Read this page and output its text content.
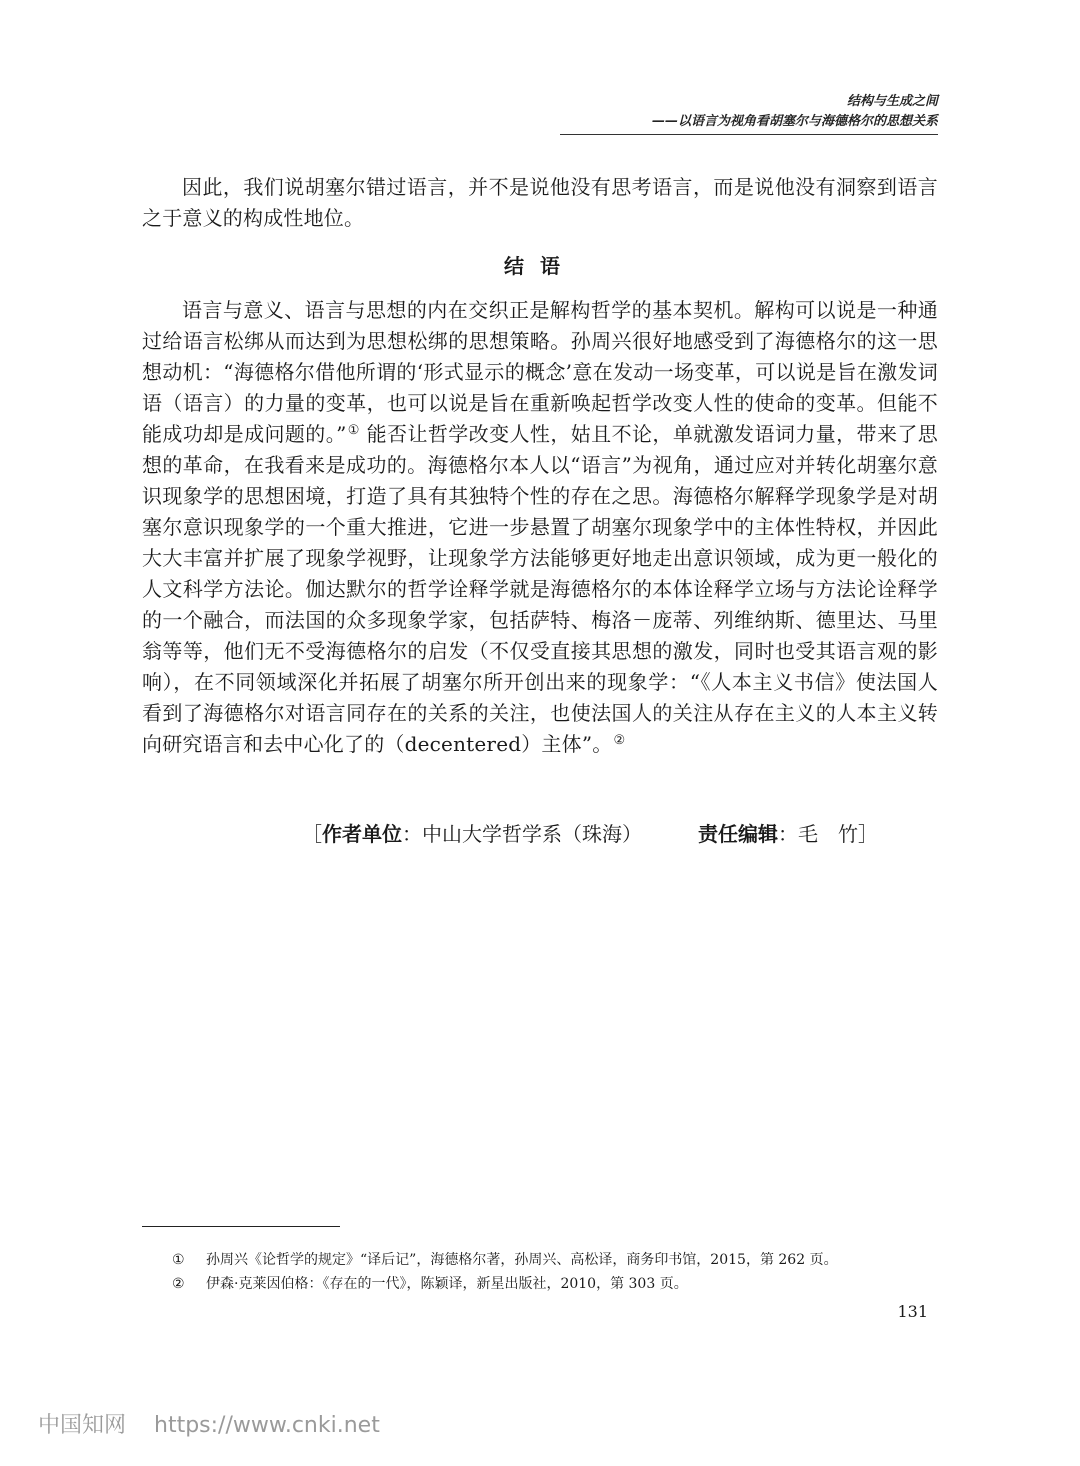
结构与生成之间
——以语言为视角看胡塞尔与海德格尔的思想关系

因此，我们说胡塞尔错过语言，并不是说他没有思考语言，而是说他没有洞察到语言之于意义的构成性地位。

结语

语言与意义、语言与思想的内在交织正是解构哲学的基本契机。解构可以说是一种通过给语言松绑从而达到为思想松绑的思想策略。孙周兴很好地感受到了海德格尔的这一思想动机：“海德格尔借他所谓的‘形式显示的概念’意在发动一场变革，可以说是旨在激发词语（语言）的力量的变革，也可以说是旨在重新唤起哲学改变人性的使命的变革。但能不能成功却是成问题的。”① 能否让哲学改变人性，姑且不论，单就激发语词力量，带来了思想的革命，在我看来是成功的。海德格尔本人以“语言”为视角，通过应对并转化胡塞尔意识现象学的思想困境，打造了具有其独特个性的存在之思。海德格尔解释学现象学是对胡塞尔意识现象学的一个重大推进，它进一步悬置了胡塞尔现象学中的主体性特权，并因此大大丰富并扩展了现象学视野，让现象学方法能够更好地走出意识领域，成为更一般化的人文科学方法论。伽达默尔的哲学诠释学就是海德格尔的本体诠释学立场与方法论诠释学的一个融合，而法国的众多现象学家，包括萨特、梅洛－庞蒂、列维纳斯、德里达、马里翁等等，他们无不受海德格尔的启发（不仅受直接其思想的激发，同时也受其语言观的影响），在不同领域深化并拓展了胡塞尔所开创出来的现象学：“《人本主义书信》使法国人看到了海德格尔对语言同存在的关系的关注，也使法国人的关注从存在主义的人本主义转向研究语言和去中心化了的（decentered）主体”。②

［作者单位：中山大学哲学系（珠海）	责任编辑：毛　竹］
① 孙周兴《论哲学的规定》“译后记”，海德格尔著，孙周兴、高松译，商务印书馆，2015，第 262 页。
② 伊森·克莱因伯格：《存在的一代》，陈颖译，新星出版社，2010，第 303 页。
131
中国知网 https://www.cnki.net
